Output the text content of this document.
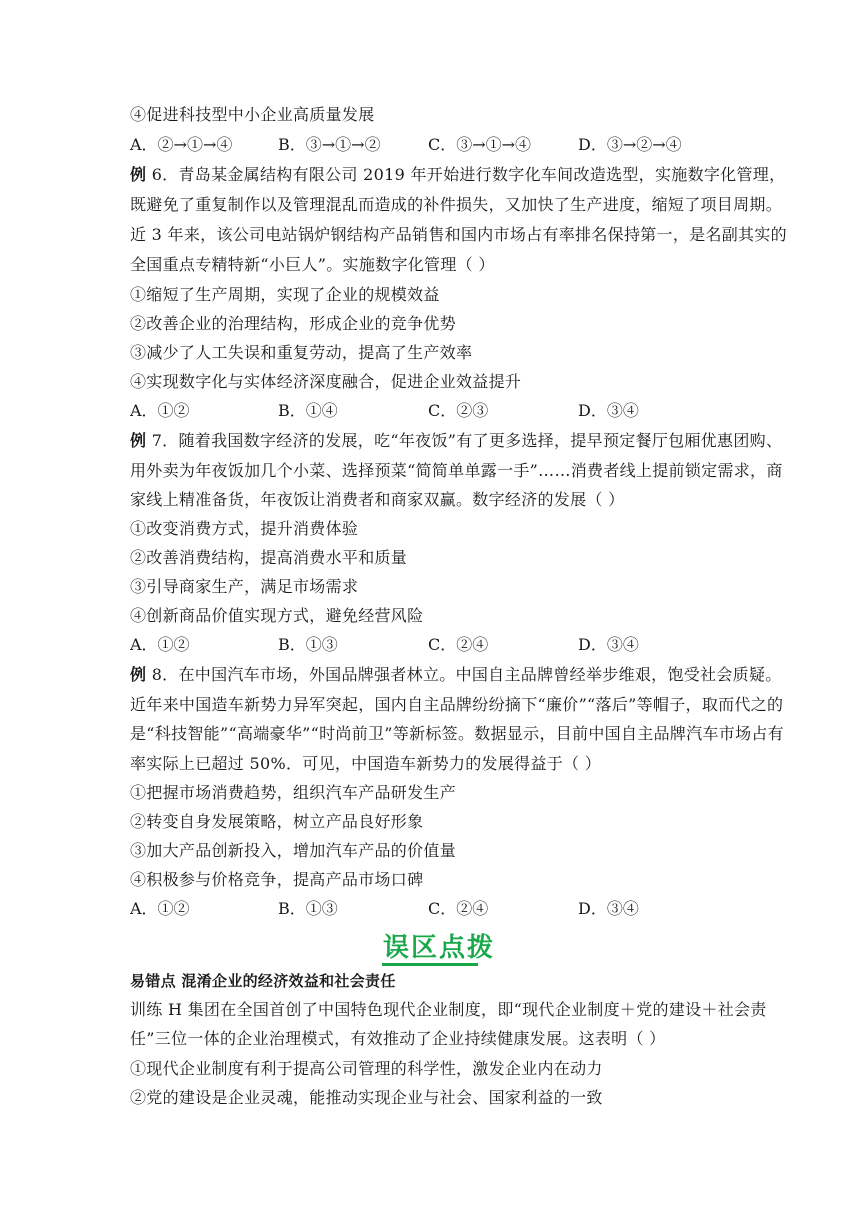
④促进科技型中小企业高质量发展
A．②→①→④	B．③→①→②	C．③→①→④	D．③→②→④
例 6．青岛某金属结构有限公司 2019 年开始进行数字化车间改造选型，实施数字化管理，
既避免了重复制作以及管理混乱而造成的补件损失，又加快了生产进度，缩短了项目周期。
近 3 年来，该公司电站锅炉钢结构产品销售和国内市场占有率排名保持第一，是名副其实的
全国重点专精特新“小巨人”。实施数字化管理（ ）
①缩短了生产周期，实现了企业的规模效益
②改善企业的治理结构，形成企业的竞争优势
③减少了人工失误和重复劳动，提高了生产效率
④实现数字化与实体经济深度融合，促进企业效益提升
A．①②	B．①④	C．②③	D．③④
例 7．随着我国数字经济的发展，吃“年夜饭”有了更多选择，提早预定餐厅包厢优惠团购、
用外卖为年夜饭加几个小菜、选择预菜“简简单单露一手”……消费者线上提前锁定需求，商
家线上精准备货，年夜饭让消费者和商家双赢。数字经济的发展（ ）
①改变消费方式，提升消费体验
②改善消费结构，提高消费水平和质量
③引导商家生产，满足市场需求
④创新商品价值实现方式，避免经营风险
A．①②	B．①③	C．②④	D．③④
例 8．在中国汽车市场，外国品牌强者林立。中国自主品牌曾经举步维艰，饱受社会质疑。
近年来中国造车新势力异军突起，国内自主品牌纷纷摘下“廉价”“落后”等帽子，取而代之的
是“科技智能”“高端豪华”“时尚前卫”等新标签。数据显示，目前中国自主品牌汽车市场占有
率实际上已超过 50%．可见，中国造车新势力的发展得益于（ ）
①把握市场消费趋势，组织汽车产品研发生产
②转变自身发展策略，树立产品良好形象
③加大产品创新投入，增加汽车产品的价值量
④积极参与价格竞争，提高产品市场口碑
A．①②	B．①③	C．②④	D．③④
误区点拨
易错点 混淆企业的经济效益和社会责任
训练 H 集团在全国首创了中国特色现代企业制度，即“现代企业制度＋党的建设＋社会责
任”三位一体的企业治理模式，有效推动了企业持续健康发展。这表明（ ）
①现代企业制度有利于提高公司管理的科学性，激发企业内在动力
②党的建设是企业灵魂，能推动实现企业与社会、国家利益的一致
